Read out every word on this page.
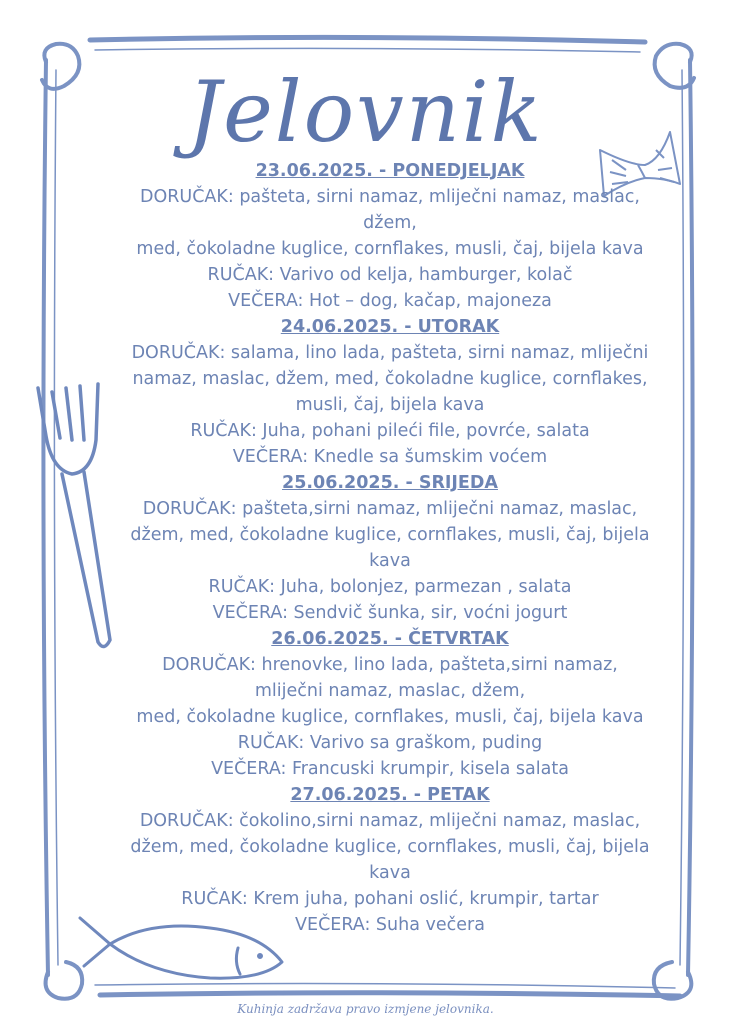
Jelovnik

23.06.2025. - PONEDJELJAK

DORUČAK: pašteta, sirni namaz, mliječni namaz, maslac,

džem,

med, čokoladne kuglice, cornflakes, musli, čaj, bijela kava

RUČAK: Varivo od kelja, hamburger, kolač

VEČERA: Hot – dog, kačap, majoneza

24.06.2025. - UTORAK

DORUČAK: salama, lino lada, pašteta, sirni namaz, mliječni

namaz, maslac, džem, med, čokoladne kuglice, cornflakes,

musli, čaj, bijela kava

RUČAK: Juha, pohani pileći file, povrće, salata

VEČERA: Knedle sa šumskim voćem

25.06.2025. - SRIJEDA

DORUČAK: pašteta,sirni namaz, mliječni namaz, maslac,

džem, med, čokoladne kuglice, cornflakes, musli, čaj, bijela

kava

RUČAK: Juha, bolonjez, parmezan , salata

VEČERA: Sendvič šunka, sir, voćni jogurt

26.06.2025. - ČETVRTAK

DORUČAK: hrenovke, lino lada, pašteta,sirni namaz,

mliječni namaz, maslac, džem,

med, čokoladne kuglice, cornflakes, musli, čaj, bijela kava

RUČAK: Varivo sa graškom, puding

VEČERA: Francuski krumpir, kisela salata

27.06.2025. - PETAK

DORUČAK: čokolino,sirni namaz, mliječni namaz, maslac,

džem, med, čokoladne kuglice, cornflakes, musli, čaj, bijela

kava

RUČAK: Krem juha, pohani oslić, krumpir, tartar

VEČERA: Suha večera

Kuhinja zadržava pravo izmjene jelovnika.
